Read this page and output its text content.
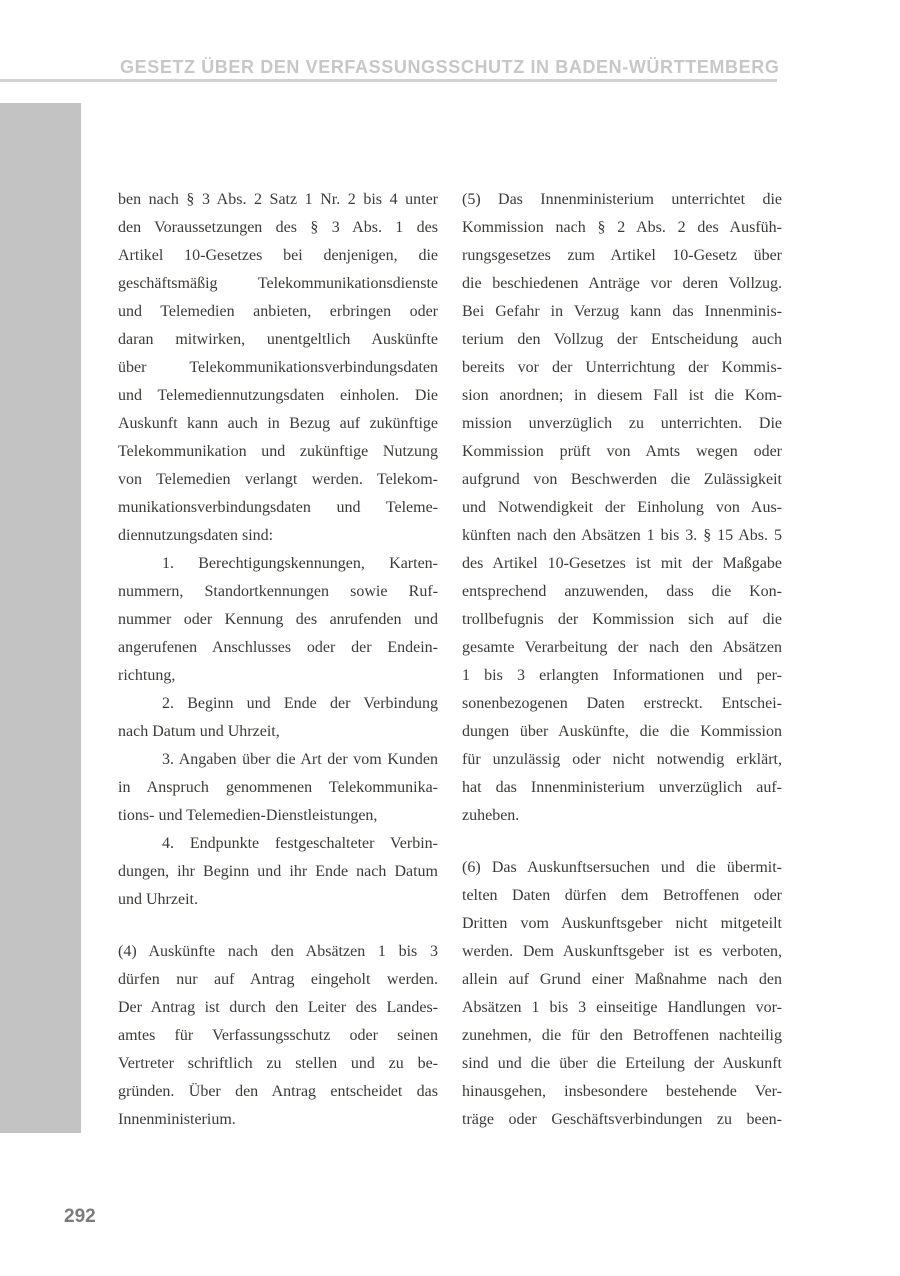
GESETZ ÜBER DEN VERFASSUNGSSCHUTZ IN BADEN-WÜRTTEMBERG
ben nach § 3 Abs. 2 Satz 1 Nr. 2 bis 4 unter
den Voraussetzungen des § 3 Abs. 1 des
Artikel 10-Gesetzes bei denjenigen, die
geschäftsmäßig Telekommunikationsdienste
und Telemedien anbieten, erbringen oder
daran mitwirken, unentgeltlich Auskünfte
über Telekommunikationsverbindungsdaten
und Telemediennutzungsdaten einholen. Die
Auskunft kann auch in Bezug auf zukünftige
Telekommunikation und zukünftige Nutzung
von Telemedien verlangt werden. Telekom-
munikationsverbindungsdaten und Teleme-
diennutzungsdaten sind:
1. Berechtigungskennungen, Karten-
nummern, Standortkennungen sowie Ruf-
nummer oder Kennung des anrufenden und
angerufenen Anschlusses oder der Endein-
richtung,
2. Beginn und Ende der Verbindung
nach Datum und Uhrzeit,
3. Angaben über die Art der vom Kunden
in Anspruch genommenen Telekommunika-
tions- und Telemedien-Dienstleistungen,
4. Endpunkte festgeschalteter Verbin-
dungen, ihr Beginn und ihr Ende nach Datum
und Uhrzeit.
(4) Auskünfte nach den Absätzen 1 bis 3
dürfen nur auf Antrag eingeholt werden.
Der Antrag ist durch den Leiter des Landes-
amtes für Verfassungsschutz oder seinen
Vertreter schriftlich zu stellen und zu be-
gründen. Über den Antrag entscheidet das
Innenministerium.
(5) Das Innenministerium unterrichtet die
Kommission nach § 2 Abs. 2 des Ausfüh-
rungsgesetzes zum Artikel 10-Gesetz über
die beschiedenen Anträge vor deren Vollzug.
Bei Gefahr in Verzug kann das Innenminis-
terium den Vollzug der Entscheidung auch
bereits vor der Unterrichtung der Kommis-
sion anordnen; in diesem Fall ist die Kom-
mission unverzüglich zu unterrichten. Die
Kommission prüft von Amts wegen oder
aufgrund von Beschwerden die Zulässigkeit
und Notwendigkeit der Einholung von Aus-
künften nach den Absätzen 1 bis 3. § 15 Abs. 5
des Artikel 10-Gesetzes ist mit der Maßgabe
entsprechend anzuwenden, dass die Kon-
trollbefugnis der Kommission sich auf die
gesamte Verarbeitung der nach den Absätzen
1 bis 3 erlangten Informationen und per-
sonenbezogenen Daten erstreckt. Entschei-
dungen über Auskünfte, die die Kommission
für unzulässig oder nicht notwendig erklärt,
hat das Innenministerium unverzüglich auf-
zuheben.
(6) Das Auskunftsersuchen und die übermit-
telten Daten dürfen dem Betroffenen oder
Dritten vom Auskunftsgeber nicht mitgeteilt
werden. Dem Auskunftsgeber ist es verboten,
allein auf Grund einer Maßnahme nach den
Absätzen 1 bis 3 einseitige Handlungen vor-
zunehmen, die für den Betroffenen nachteilig
sind und die über die Erteilung der Auskunft
hinausgehen, insbesondere bestehende Ver-
träge oder Geschäftsverbindungen zu been-
292
